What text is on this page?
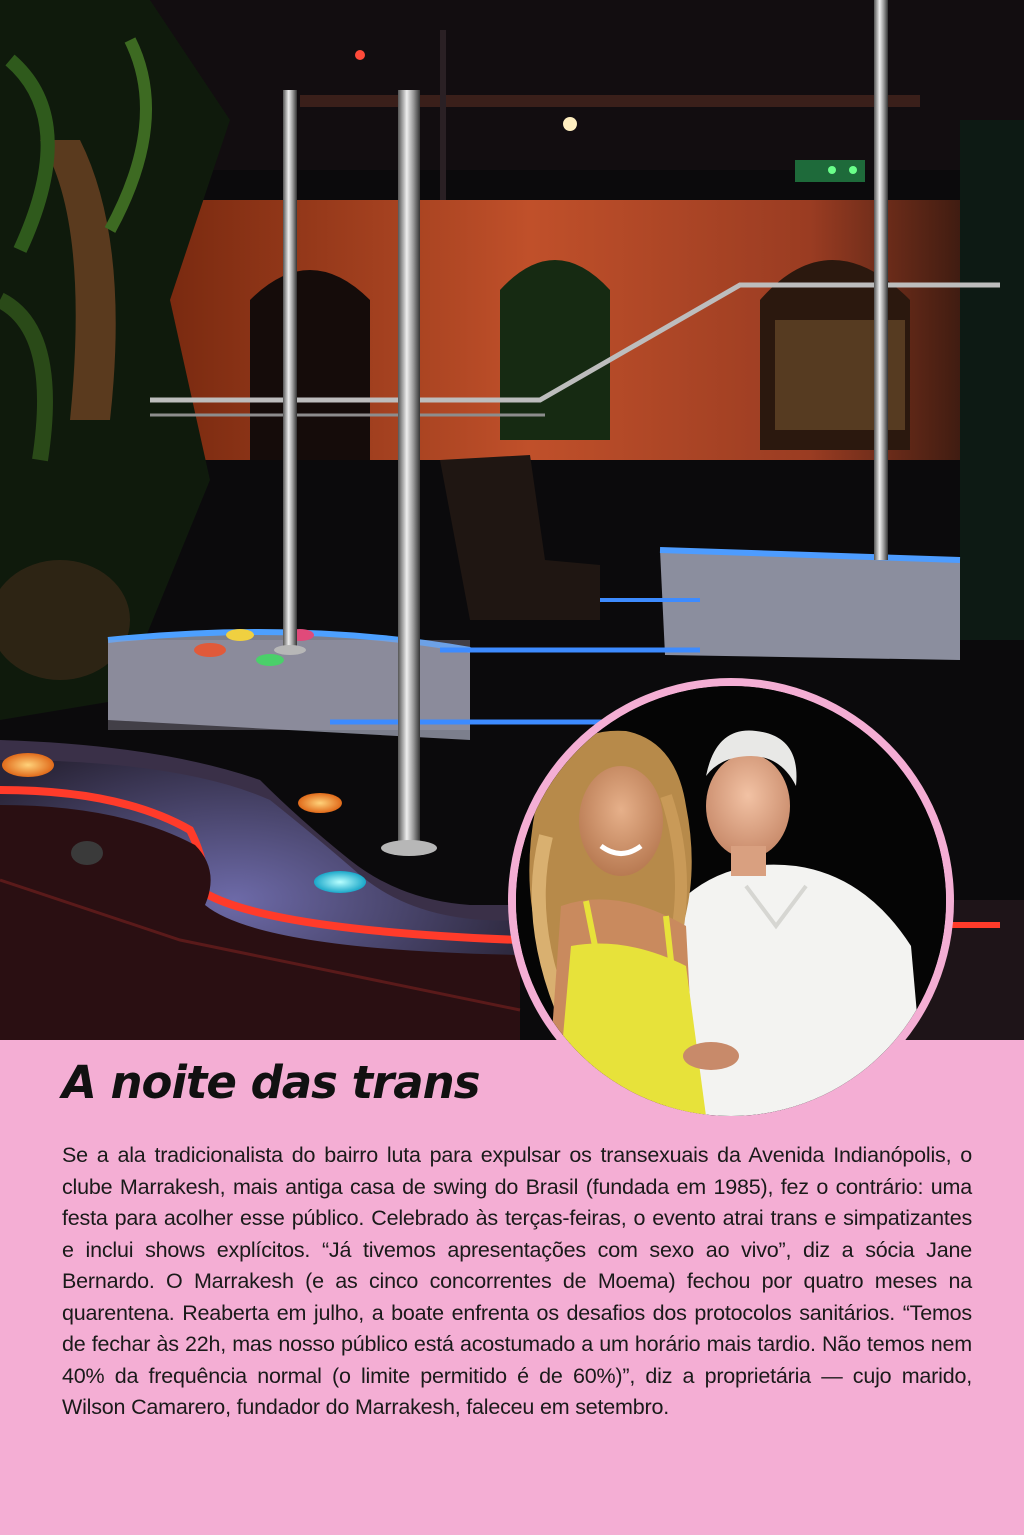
A noite das trans

Se a ala tradicionalista do bairro luta para expulsar os transexuais da Avenida Indianópolis, o clube Marrakesh, mais antiga casa de swing do Brasil (fundada em 1985), fez o contrário: uma festa para acolher esse público. Celebrado às terças-feiras, o evento atrai trans e simpatizantes e inclui shows explícitos. “Já tivemos apresentações com sexo ao vivo”, diz a sócia Jane Bernardo. O Marrakesh (e as cinco concorrentes de Moema) fechou por quatro meses na quarentena. Reaberta em julho, a boate enfrenta os desafios dos protocolos sanitários. “Temos de fechar às 22h, mas nosso público está acostumado a um horário mais tardio. Não temos nem 40% da frequência normal (o limite permitido é de 60%)”, diz a proprietária — cujo marido, Wilson Camarero, fundador do Marrakesh, faleceu em setembro.
